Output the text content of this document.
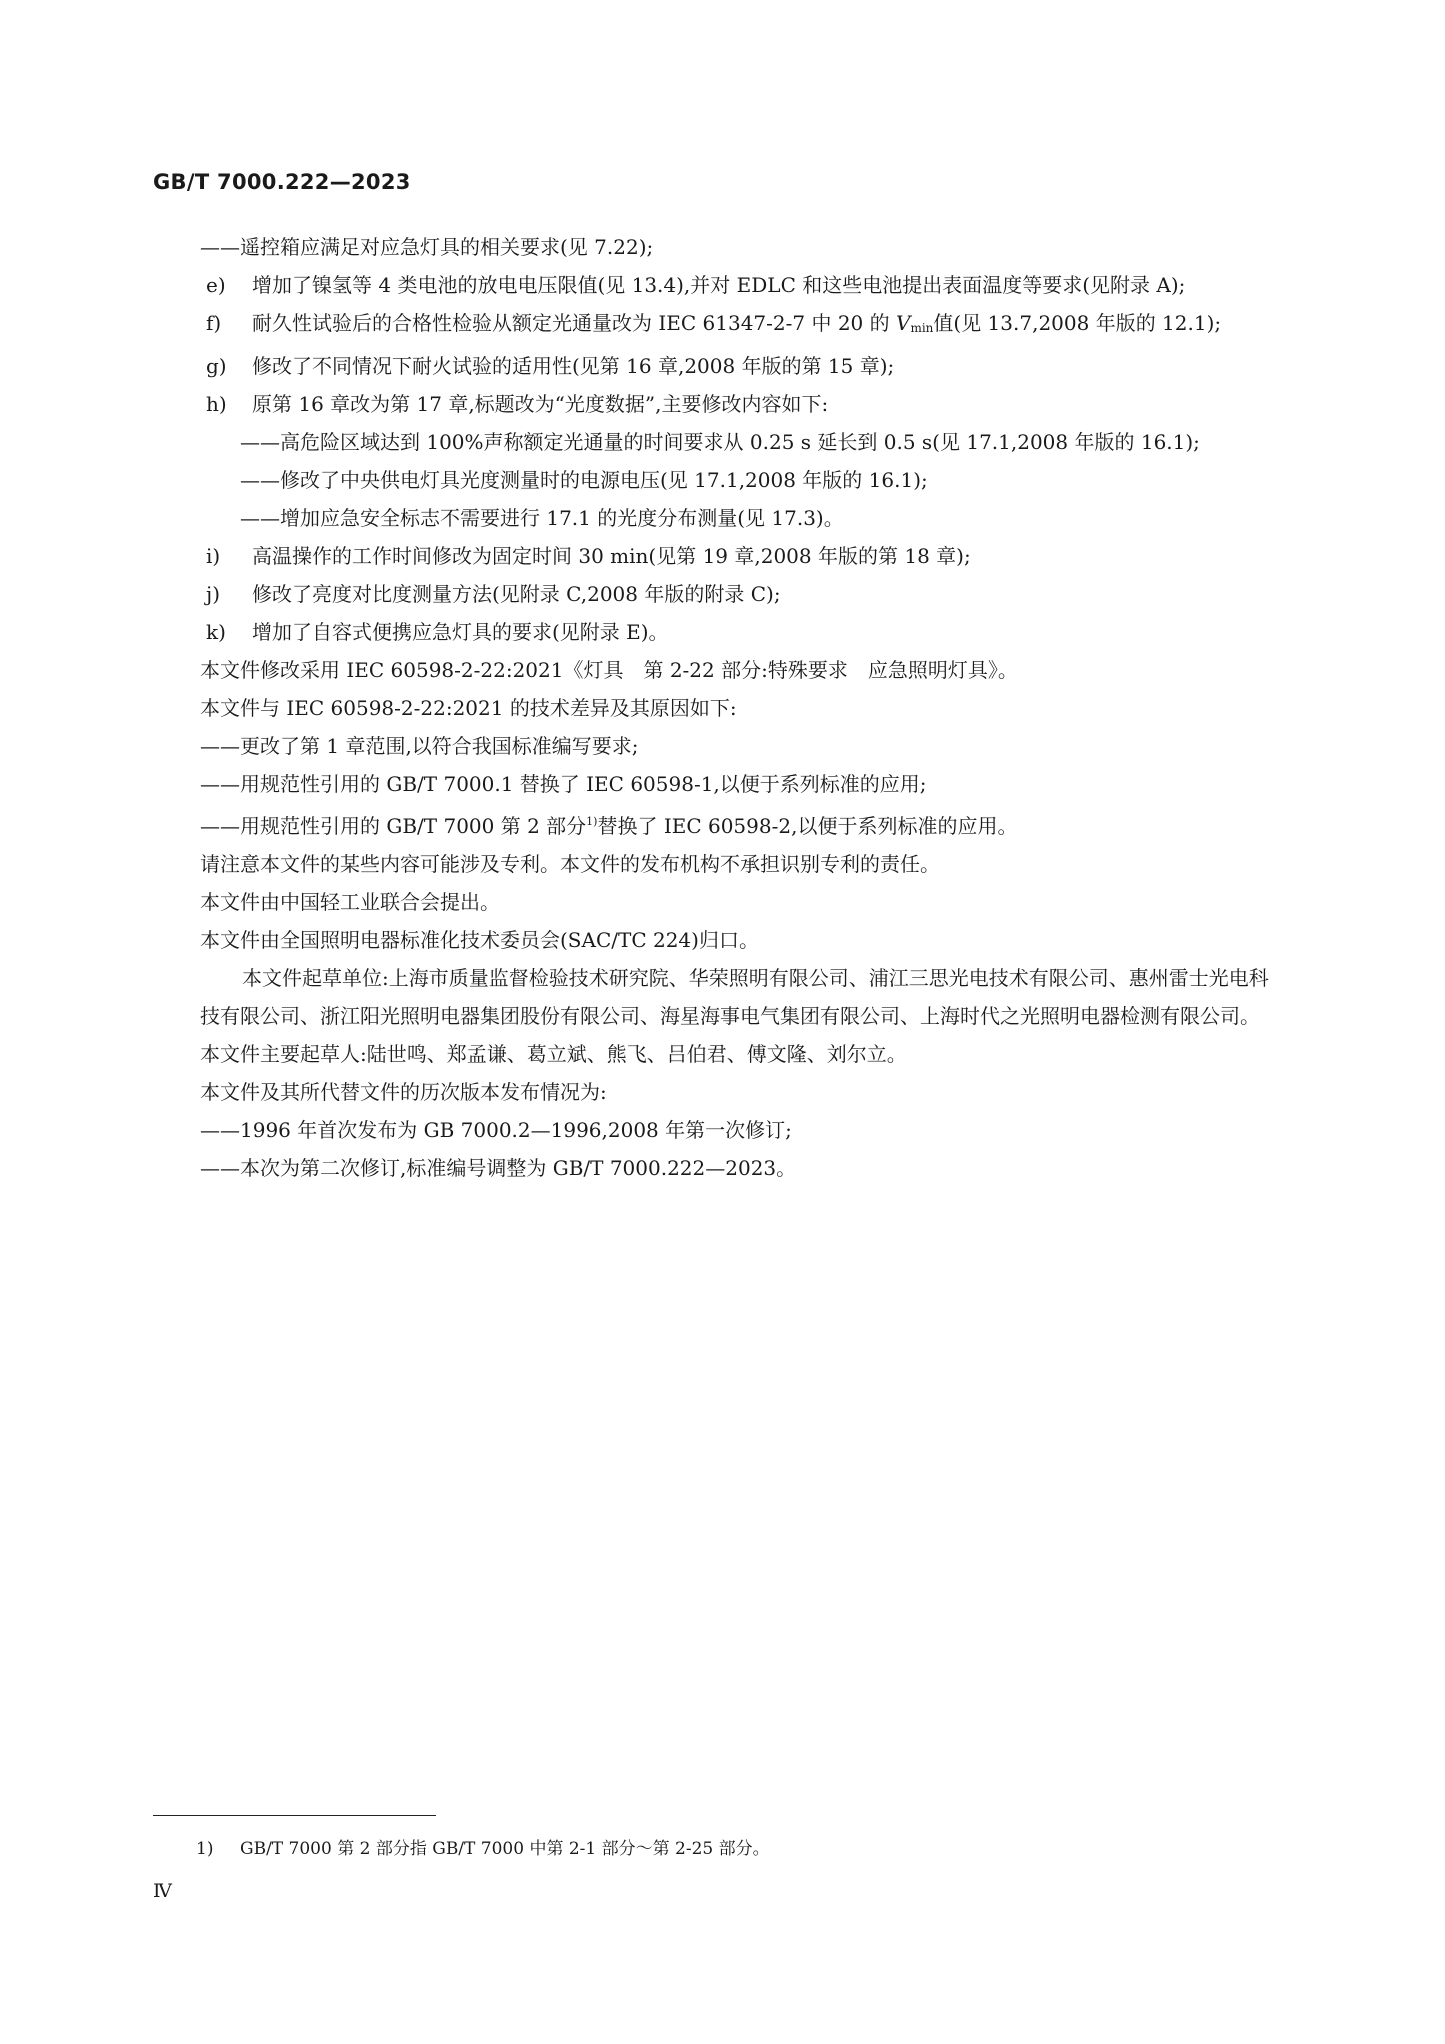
GB/T 7000.222—2023

——遥控箱应满足对应急灯具的相关要求(见 7.22);

e) 增加了镍氢等 4 类电池的放电电压限值(见 13.4),并对 EDLC 和这些电池提出表面温度等要求(见附录 A);
f) 耐久性试验后的合格性检验从额定光通量改为 IEC 61347-2-7 中 20 的 $V_{min}$值(见 13.7,2008 年版的 12.1);
g) 修改了不同情况下耐火试验的适用性(见第 16 章,2008 年版的第 15 章);
h) 原第 16 章改为第 17 章,标题改为“光度数据”,主要修改内容如下:

——高危险区域达到 100%声称额定光通量的时间要求从 0.25 s 延长到 0.5 s(见 17.1,2008 年版的 16.1);

——修改了中央供电灯具光度测量时的电源电压(见 17.1,2008 年版的 16.1);

——增加应急安全标志不需要进行 17.1 的光度分布测量(见 17.3)。

i) 高温操作的工作时间修改为固定时间 30 min(见第 19 章,2008 年版的第 18 章);
j) 修改了亮度对比度测量方法(见附录 C,2008 年版的附录 C);
k) 增加了自容式便携应急灯具的要求(见附录 E)。

本文件修改采用 IEC 60598-2-22:2021《灯具　第 2-22 部分:特殊要求　应急照明灯具》。

本文件与 IEC 60598-2-22:2021 的技术差异及其原因如下:

——更改了第 1 章范围,以符合我国标准编写要求;

——用规范性引用的 GB/T 7000.1 替换了 IEC 60598-1,以便于系列标准的应用;

——用规范性引用的 GB/T 7000 第 2 部分$^{1)}$替换了 IEC 60598-2,以便于系列标准的应用。

请注意本文件的某些内容可能涉及专利。本文件的发布机构不承担识别专利的责任。

本文件由中国轻工业联合会提出。

本文件由全国照明电器标准化技术委员会(SAC/TC 224)归口。

本文件起草单位:上海市质量监督检验技术研究院、华荣照明有限公司、浦江三思光电技术有限公司、惠州雷士光电科技有限公司、浙江阳光照明电器集团股份有限公司、海星海事电气集团有限公司、上海时代之光照明电器检测有限公司。

本文件主要起草人:陆世鸣、郑孟谦、葛立斌、熊飞、吕伯君、傅文隆、刘尔立。

本文件及其所代替文件的历次版本发布情况为:

——1996 年首次发布为 GB 7000.2—1996,2008 年第一次修订;

——本次为第二次修订,标准编号调整为 GB/T 7000.222—2023。

1) GB/T 7000 第 2 部分指 GB/T 7000 中第 2-1 部分～第 2-25 部分。

Ⅳ
